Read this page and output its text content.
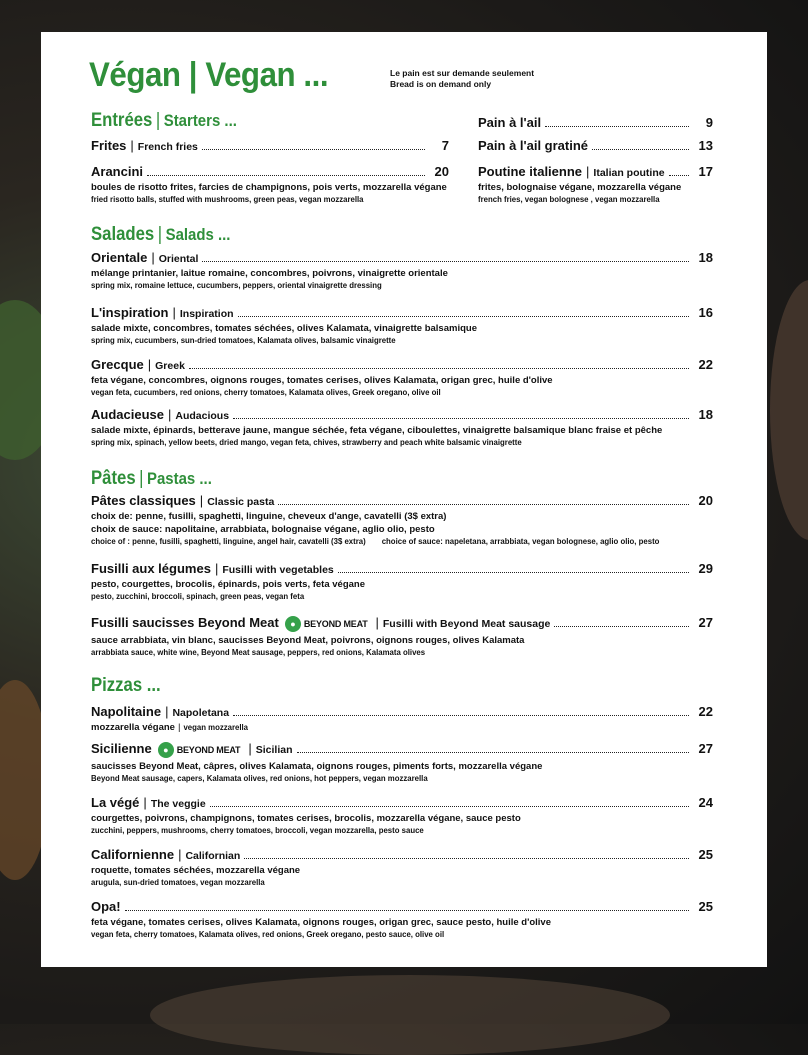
Végan | Vegan ...	Le pain est sur demande seulement
Bread is on demand only
Entrées | Starters ...
Frites | French fries	7
Arancini	20
boules de risotto frites, farcies de champignons, pois verts, mozzarella végane
fried risotto balls, stuffed with mushrooms, green peas, vegan mozzarella
Pain à l'ail	9
Pain à l'ail gratiné	13
Poutine italienne | Italian poutine	17
frites, bolognaise végane, mozzarella végane
french fries, vegan bolognese , vegan mozzarella
Salades | Salads ...
Orientale | Oriental	18
mélange printanier, laitue romaine, concombres, poivrons, vinaigrette orientale
spring mix, romaine lettuce, cucumbers, peppers, oriental vinaigrette dressing
L'inspiration | Inspiration	16
salade mixte, concombres, tomates séchées, olives Kalamata, vinaigrette balsamique
spring mix, cucumbers, sun-dried tomatoes, Kalamata olives, balsamic vinaigrette
Grecque | Greek	22
feta végane, concombres, oignons rouges, tomates cerises, olives Kalamata, origan grec, huile d'olive
vegan feta, cucumbers, red onions, cherry tomatoes, Kalamata olives, Greek oregano, olive oil
Audacieuse | Audacious	18
salade mixte, épinards, betterave jaune, mangue séchée, feta végane, ciboulettes, vinaigrette balsamique blanc fraise et pêche
spring mix, spinach, yellow beets, dried mango, vegan feta, chives, strawberry and peach white balsamic vinaigrette
Pâtes | Pastas ...
Pâtes classiques | Classic pasta	20
choix de: penne, fusilli, spaghetti, linguine, cheveux d'ange, cavatelli (3$ extra)
choix de sauce: napolitaine, arrabbiata, bolognaise végane, aglio olio, pesto
choice of : penne, fusilli, spaghetti, linguine, angel hair, cavatelli (3$ extra) choice of sauce: napeletana, arrabbiata, vegan bolognese, aglio olio, pesto
Fusilli aux légumes | Fusilli with vegetables	29
pesto, courgettes, brocolis, épinards, pois verts, feta végane
pesto, zucchini, broccoli, spinach, green peas, vegan feta
Fusilli saucisses Beyond Meat	● BEYOND MEAT | Fusilli with Beyond Meat sausage	27
sauce arrabbiata, vin blanc, saucisses Beyond Meat, poivrons, oignons rouges, olives Kalamata
arrabbiata sauce, white wine, Beyond Meat sausage, peppers, red onions, Kalamata olives
Pizzas ...
Napolitaine | Napoletana	22
mozzarella végane | vegan mozzarella
Sicilienne	● BEYOND MEAT | Sicilian	27
saucisses Beyond Meat, câpres, olives Kalamata, oignons rouges, piments forts, mozzarella végane
Beyond Meat sausage, capers, Kalamata olives, red onions, hot peppers, vegan mozzarella
La végé | The veggie	24
courgettes, poivrons, champignons, tomates cerises, brocolis, mozzarella végane, sauce pesto
zucchini, peppers, mushrooms, cherry tomatoes, broccoli, vegan mozzarella, pesto sauce
Californienne | Californian	25
roquette, tomates séchées, mozzarella végane
arugula, sun-dried tomatoes, vegan mozzarella
Opa!	25
feta végane, tomates cerises, olives Kalamata, oignons rouges, origan grec, sauce pesto, huile d'olive
vegan feta, cherry tomatoes, Kalamata olives, red onions, Greek oregano, pesto sauce, olive oil
